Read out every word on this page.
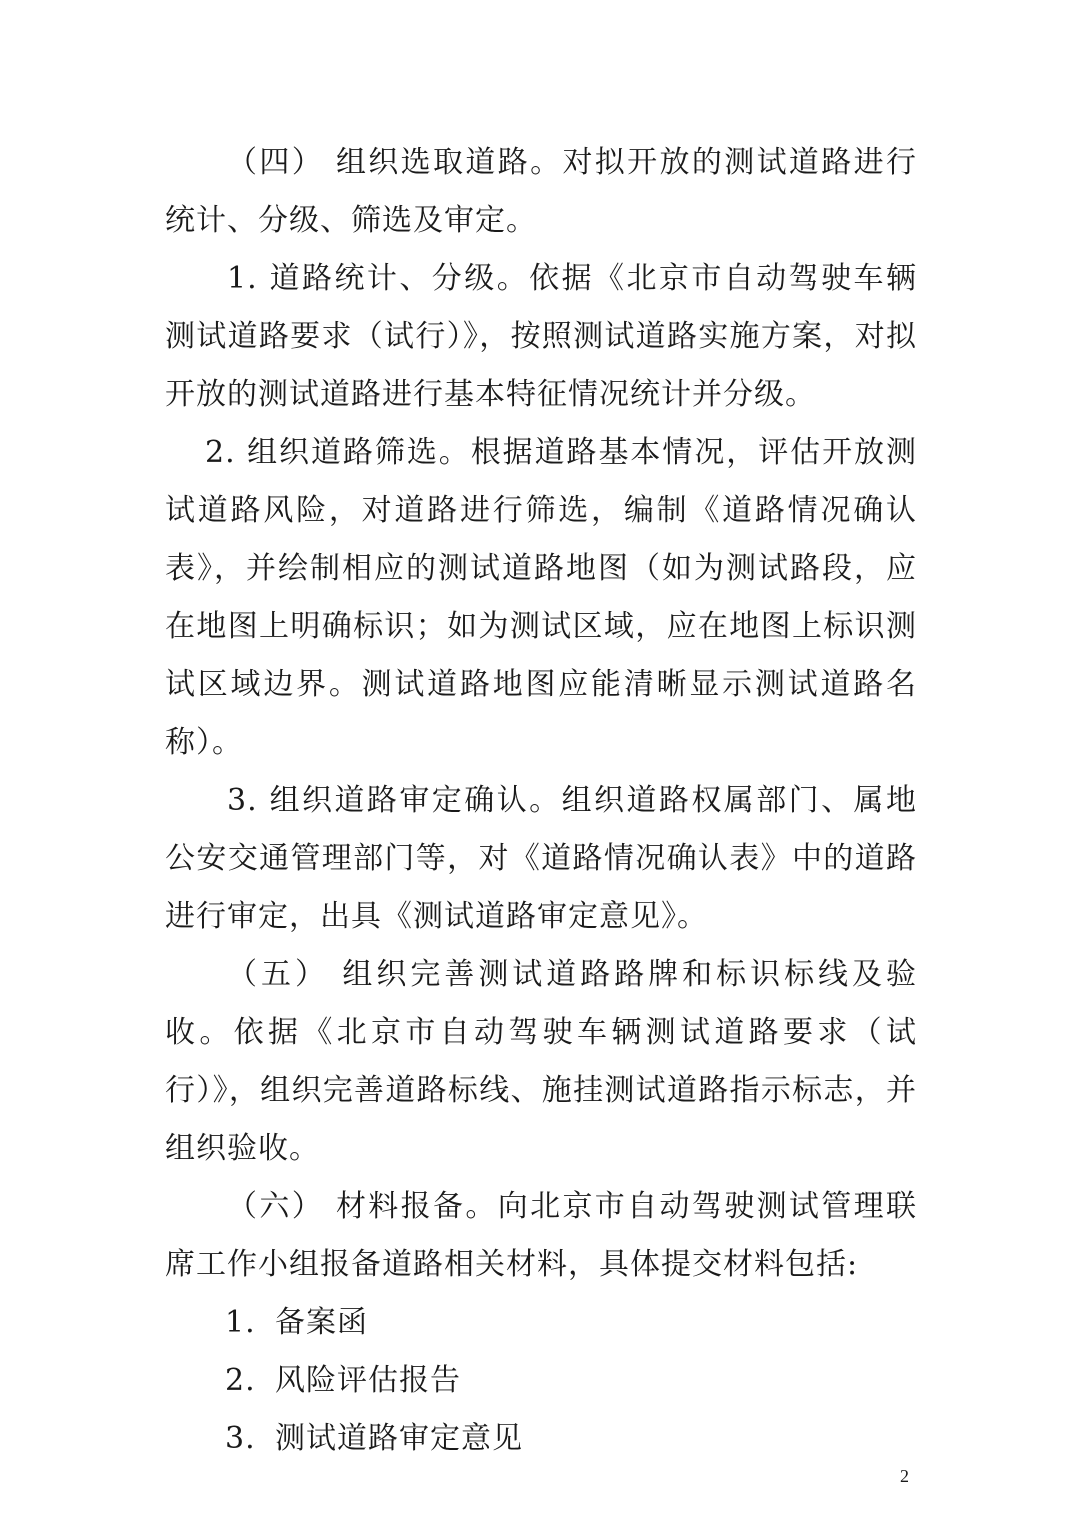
（四） 组织选取道路。对拟开放的测试道路进行统计、分级、筛选及审定。

1. 道路统计、分级。依据《北京市自动驾驶车辆测试道路要求（试行）》，按照测试道路实施方案，对拟开放的测试道路进行基本特征情况统计并分级。

2. 组织道路筛选。根据道路基本情况，评估开放测试道路风险，对道路进行筛选，编制《道路情况确认表》，并绘制相应的测试道路地图（如为测试路段，应在地图上明确标识；如为测试区域，应在地图上标识测试区域边界。测试道路地图应能清晰显示测试道路名称）。

3. 组织道路审定确认。组织道路权属部门、属地公安交通管理部门等，对《道路情况确认表》中的道路进行审定，出具《测试道路审定意见》。

（五） 组织完善测试道路路牌和标识标线及验收。依据《北京市自动驾驶车辆测试道路要求（试行）》，组织完善道路标线、施挂测试道路指示标志，并组织验收。

（六） 材料报备。向北京市自动驾驶测试管理联席工作小组报备道路相关材料，具体提交材料包括:

1. 备案函
2. 风险评估报告
3. 测试道路审定意见
2
